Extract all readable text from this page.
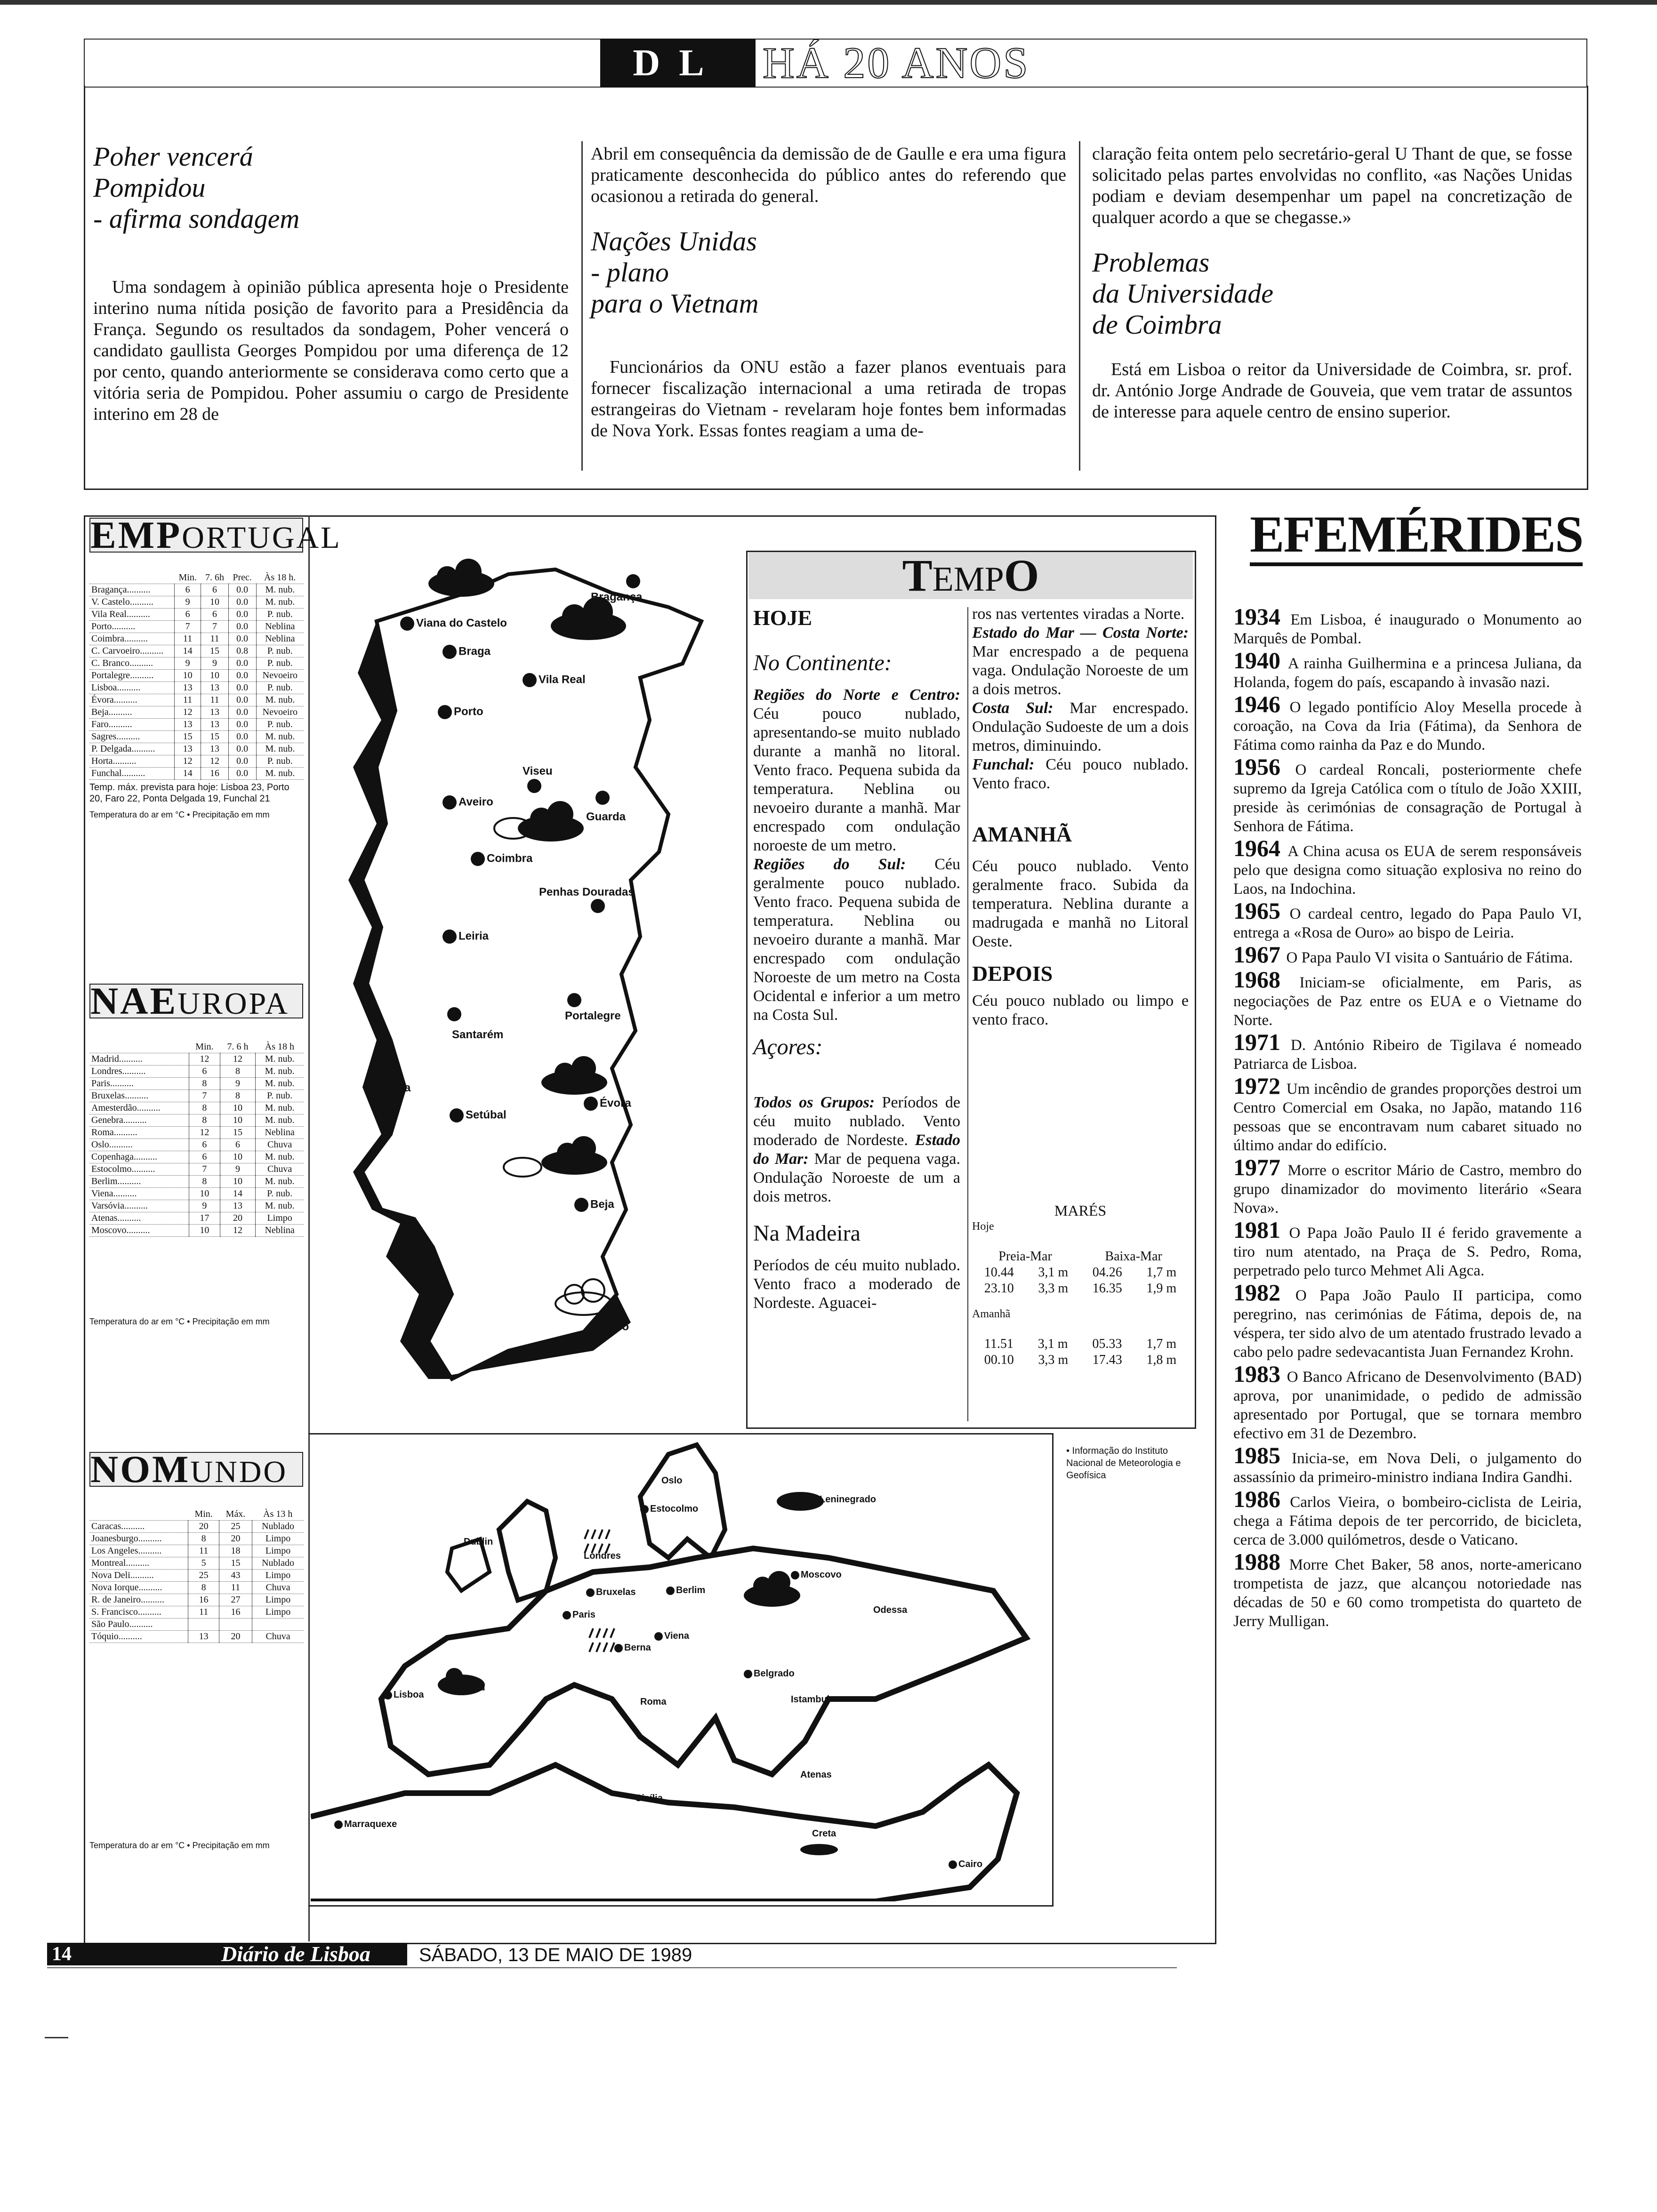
DL HÁ 20 ANOS
Poher vencerá
Pompidou
- afirma sondagem
Uma sondagem à opinião pública apresenta hoje o Presidente interino numa nítida posição de favorito para a Presidência da França. Segundo os resultados da sondagem, Poher vencerá o candidato gaullista Georges Pompidou por uma diferença de 12 por cento, quando anteriormente se considerava como certo que a vitória seria de Pompidou. Poher assumiu o cargo de Presidente interino em 28 de
Abril em consequência da demissão de de Gaulle e era uma figura praticamente desconhecida do público antes do referendo que ocasionou a retirada do general.
Nações Unidas
- plano
para o Vietnam
Funcionários da ONU estão a fazer planos eventuais para fornecer fiscalização internacional a uma retirada de tropas estrangeiras do Vietnam - revelaram hoje fontes bem informadas de Nova York. Essas fontes reagiam a uma de-
claração feita ontem pelo secretário-geral U Thant de que, se fosse solicitado pelas partes envolvidas no conflito, «as Nações Unidas podiam e deviam desempenhar um papel na concretização de qualquer acordo a que se chegasse.»
Problemas
da Universidade
de Coimbra
Está em Lisboa o reitor da Universidade de Coimbra, sr. prof. dr. António Jorge Andrade de Gouveia, que vem tratar de assuntos de interesse para aquele centro de ensino superior.
EMPORTUGAL
	Min.	7. 6h	Prec.	Às 18 h.
Bragança..........	6	6	0.0	M. nub.
V. Castelo..........	9	10	0.0	M. nub.
Vila Real..........	6	6	0.0	P. nub.
Porto..........	7	7	0.0	Neblina
Coimbra..........	11	11	0.0	Neblina
C. Carvoeiro..........	14	15	0.8	P. nub.
C. Branco..........	9	9	0.0	P. nub.
Portalegre..........	10	10	0.0	Nevoeiro
Lisboa..........	13	13	0.0	P. nub.
Évora..........	11	11	0.0	M. nub.
Beja..........	12	13	0.0	Nevoeiro
Faro..........	13	13	0.0	P. nub.
Sagres..........	15	15	0.0	M. nub.
P. Delgada..........	13	13	0.0	M. nub.
Horta..........	12	12	0.0	P. nub.
Funchal..........	14	16	0.0	M. nub.
Temp. máx. prevista para hoje: Lisboa 23, Porto 20, Faro 22, Ponta Delgada 19, Funchal 21
Temperatura do ar em °C • Precipitação em mm
NAEUROPA
	Min.	7. 6 h	Às 18 h
Madrid..........	12	12	M. nub.
Londres..........	6	8	M. nub.
Paris..........	8	9	M. nub.
Bruxelas..........	7	8	P. nub.
Amesterdão..........	8	10	M. nub.
Genebra..........	8	10	M. nub.
Roma..........	12	15	Neblina
Oslo..........	6	6	Chuva
Copenhaga..........	6	10	M. nub.
Estocolmo..........	7	9	Chuva
Berlim..........	8	10	M. nub.
Viena..........	10	14	P. nub.
Varsóvia..........	9	13	M. nub.
Atenas..........	17	20	Limpo
Moscovo..........	10	12	Neblina
Temperatura do ar em °C • Precipitação em mm
NOMUNDO
	Min.	Máx.	Às 13 h
Caracas..........	20	25	Nublado
Joanesburgo..........	8	20	Limpo
Los Angeles..........	11	18	Limpo
Montreal..........	5	15	Nublado
Nova Deli..........	25	43	Limpo
Nova Iorque..........	8	11	Chuva
R. de Janeiro..........	16	27	Limpo
S. Francisco..........	11	16	Limpo
São Paulo..........			
Tóquio..........	13	20	Chuva
Temperatura do ar em °C • Precipitação em mm
Bragança
Viana do Castelo
Braga
Vila Real
Porto
Viseu
Aveiro
Guarda
Coimbra
Penhas Douradas
Leiria
Portalegre
Santarém
Lisboa
Setúbal
Évora
Beja
Faro
TEMPO

HOJE

No Continente:

Regiões do Norte e Centro: Céu pouco nublado, apresentando-se muito nublado durante a manhã no litoral. Vento fraco. Pequena subida da temperatura. Neblina ou nevoeiro durante a manhã. Mar encrespado com ondulação noroeste de um metro.

Regiões do Sul: Céu geralmente pouco nublado. Vento fraco. Pequena subida de temperatura. Neblina ou nevoeiro durante a manhã. Mar encrespado com ondulação Noroeste de um metro na Costa Ocidental e inferior a um metro na Costa Sul.

Açores:

Todos os Grupos: Períodos de céu muito nublado. Vento moderado de Nordeste. Estado do Mar: Mar de pequena vaga. Ondulação Noroeste de um a dois metros.

Na Madeira

Períodos de céu muito nublado. Vento fraco a moderado de Nordeste. Aguacei-

ros nas vertentes viradas a Norte.

Estado do Mar — Costa Norte: Mar encrespado a de pequena vaga. Ondulação Noroeste de um a dois metros.

Costa Sul: Mar encrespado. Ondulação Sudoeste de um a dois metros, diminuindo.

Funchal: Céu pouco nublado. Vento fraco.

AMANHÃ

Céu pouco nublado. Vento geralmente fraco. Subida da temperatura. Neblina durante a madrugada e manhã no Litoral Oeste.

DEPOIS

Céu pouco nublado ou limpo e vento fraco.

MARÉS
Hoje
Preia-Mar	Baixa-Mar
10.44 3,1 m 04.26 1,7 m
23.10 3,3 m 16.35 1,9 m
Amanhã
11.51 3,1 m 05.33 1,7 m
00.10 3,3 m 17.43 1,8 m
• Informação do Instituto Nacional de Meteorologia e Geofísica
Oslo
Leninegrado
Estocolmo
Dublin
Londres
Moscovo
Bruxelas	Berlim
Paris	Odessa
Viena
Berna
Belgrado
Lisboa
Madrid
Istambul
Roma
Atenas
Sicília
Creta
Marraquexe
Cairo
EFEMÉRIDES

1934 Em Lisboa, é inaugurado o Monumento ao Marquês de Pombal.

1940 A rainha Guilhermina e a princesa Juliana, da Holanda, fogem do país, escapando à invasão nazi.

1946 O legado pontifício Aloy Mesella procede à coroação, na Cova da Iria (Fátima), da Senhora de Fátima como rainha da Paz e do Mundo.

1956 O cardeal Roncali, posteriormente chefe supremo da Igreja Católica com o título de João XXIII, preside às cerimónias de consagração de Portugal à Senhora de Fátima.

1964 A China acusa os EUA de serem responsáveis pelo que designa como situação explosiva no reino do Laos, na Indochina.

1965 O cardeal centro, legado do Papa Paulo VI, entrega a «Rosa de Ouro» ao bispo de Leiria.

1967 O Papa Paulo VI visita o Santuário de Fátima.

1968 Iniciam-se oficialmente, em Paris, as negociações de Paz entre os EUA e o Vietname do Norte.

1971 D. António Ribeiro de Tigilava é nomeado Patriarca de Lisboa.

1972 Um incêndio de grandes proporções destroi um Centro Comercial em Osaka, no Japão, matando 116 pessoas que se encontravam num cabaret situado no último andar do edifício.

1977 Morre o escritor Mário de Castro, membro do grupo dinamizador do movimento literário «Seara Nova».

1981 O Papa João Paulo II é ferido gravemente a tiro num atentado, na Praça de S. Pedro, Roma, perpetrado pelo turco Mehmet Ali Agca.

1982 O Papa João Paulo II participa, como peregrino, nas cerimónias de Fátima, depois de, na véspera, ter sido alvo de um atentado frustrado levado a cabo pelo padre sedevacantista Juan Fernandez Krohn.

1983 O Banco Africano de Desenvolvimento (BAD) aprova, por unanimidade, o pedido de admissão apresentado por Portugal, que se tornara membro efectivo em 31 de Dezembro.

1985 Inicia-se, em Nova Deli, o julgamento do assassínio da primeiro-ministro indiana Indira Gandhi.

1986 Carlos Vieira, o bombeiro-ciclista de Leiria, chega a Fátima depois de ter percorrido, de bicicleta, cerca de 3.000 quilómetros, desde o Vaticano.

1988 Morre Chet Baker, 58 anos, norte-americano trompetista de jazz, que alcançou notoriedade nas décadas de 50 e 60 como trompetista do quarteto de Jerry Mulligan.

14	Diário de Lisboa	SÁBADO, 13 DE MAIO DE 1989
